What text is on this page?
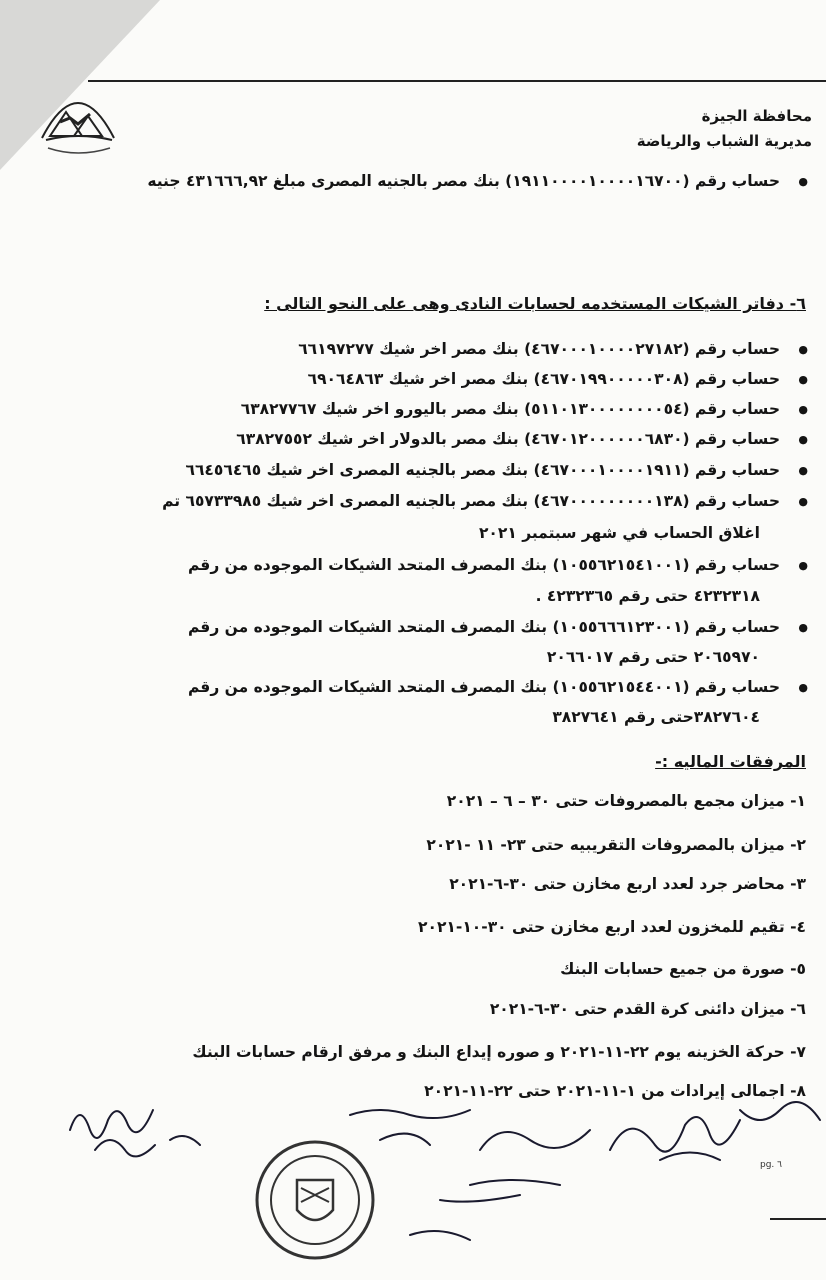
محافظة الجيزة
مديرية الشباب والرياضة
● حساب رقم (١٩١١٠٠٠٠١٠٠٠٠١٦٧٠٠) بنك مصر بالجنيه المصرى مبلغ ٤٣١٦٦٦,٩٢ جنيه
٦- دفاتر الشيكات المستخدمه لحسابات النادى وهى على النحو التالى :
● حساب رقم (٤٦٧٠٠٠١٠٠٠٠٢٧١٨٢) بنك مصر اخر شيك ٦٦١٩٧٢٧٧
● حساب رقم (٤٦٧٠١٩٩٠٠٠٠٠٣٠٨) بنك مصر اخر شيك ٦٩٠٦٤٨٦٣
● حساب رقم (٥١١٠١٣٠٠٠٠٠٠٠٠٥٤) بنك مصر باليورو اخر شيك ٦٣٨٢٧٧٦٧
● حساب رقم (٤٦٧٠١٢٠٠٠٠٠٠٦٨٣٠) بنك مصر بالدولار اخر شيك ٦٣٨٢٧٥٥٢
● حساب رقم (٤٦٧٠٠٠١٠٠٠٠١٩١١) بنك مصر بالجنيه المصرى اخر شيك ٦٦٤٥٦٤٦٥
● حساب رقم (٤٦٧٠٠٠٠٠٠٠٠٠١٣٨) بنك مصر بالجنيه المصرى اخر شيك ٦٥٧٣٣٩٨٥ تم
اغلاق الحساب في شهر سبتمبر ٢٠٢١
● حساب رقم (١٠٥٥٦٢١٥٤١٠٠١) بنك المصرف المتحد الشيكات الموجوده من رقم
٤٢٣٢٣١٨ حتى رقم ٤٢٣٢٣٦٥ .
● حساب رقم (١٠٥٥٦٦٦١٢٣٠٠١) بنك المصرف المتحد الشيكات الموجوده من رقم
٢٠٦٥٩٧٠ حتى رقم ٢٠٦٦٠١٧
● حساب رقم (١٠٥٥٦٢١٥٤٤٠٠١) بنك المصرف المتحد الشيكات الموجوده من رقم
٣٨٢٧٦٠٤حتى رقم ٣٨٢٧٦٤١
المرفقات الماليه :-
١- ميزان مجمع بالمصروفات حتى ٣٠ – ٦ – ٢٠٢١
٢- ميزان بالمصروفات التقريبيه حتى ٢٣- ١١ -٢٠٢١
٣- محاضر جرد لعدد اربع مخازن حتى ٣٠-٦-٢٠٢١
٤- تقيم للمخزون لعدد اربع مخازن حتى ٣٠-١٠-٢٠٢١
٥- صورة من جميع حسابات البنك
٦- ميزان دائنى كرة القدم حتى ٣٠-٦-٢٠٢١
٧- حركة الخزينه يوم ٢٢-١١-٢٠٢١ و صوره إيداع البنك و مرفق ارقام حسابات البنك
٨- اجمالى إيرادات من ١-١١-٢٠٢١ حتى ٢٢-١١-٢٠٢١
pg. ٦
